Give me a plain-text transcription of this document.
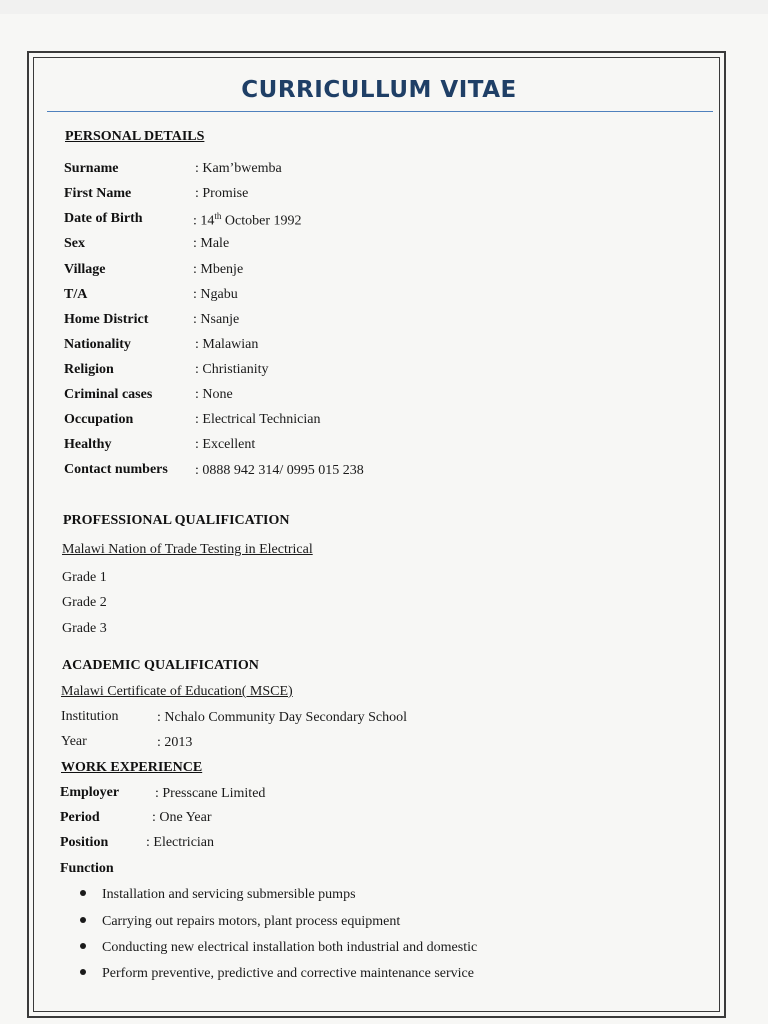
CURRICULLUM VITAE
PERSONAL DETAILS
Surname	: Kam’bwemba
First Name	: Promise
Date of Birth	: 14th October 1992
Sex	: Male
Village	: Mbenje
T/A	: Ngabu
Home District	: Nsanje
Nationality	: Malawian
Religion	: Christianity
Criminal cases	: None
Occupation	: Electrical Technician
Healthy	: Excellent
Contact numbers : 0888 942 314/ 0995 015 238
PROFESSIONAL QUALIFICATION
Malawi Nation of Trade Testing in Electrical
Grade 1
Grade 2
Grade 3
ACADEMIC QUALIFICATION
Malawi Certificate of Education( MSCE)
Institution	: Nchalo Community Day Secondary School
Year	: 2013
WORK EXPERIENCE
Employer	: Presscane Limited
Period	: One Year
Position	: Electrician
Function
Installation and servicing submersible pumps
Carrying out repairs motors, plant process equipment
Conducting new electrical installation both industrial and domestic
Perform preventive, predictive and corrective maintenance service
